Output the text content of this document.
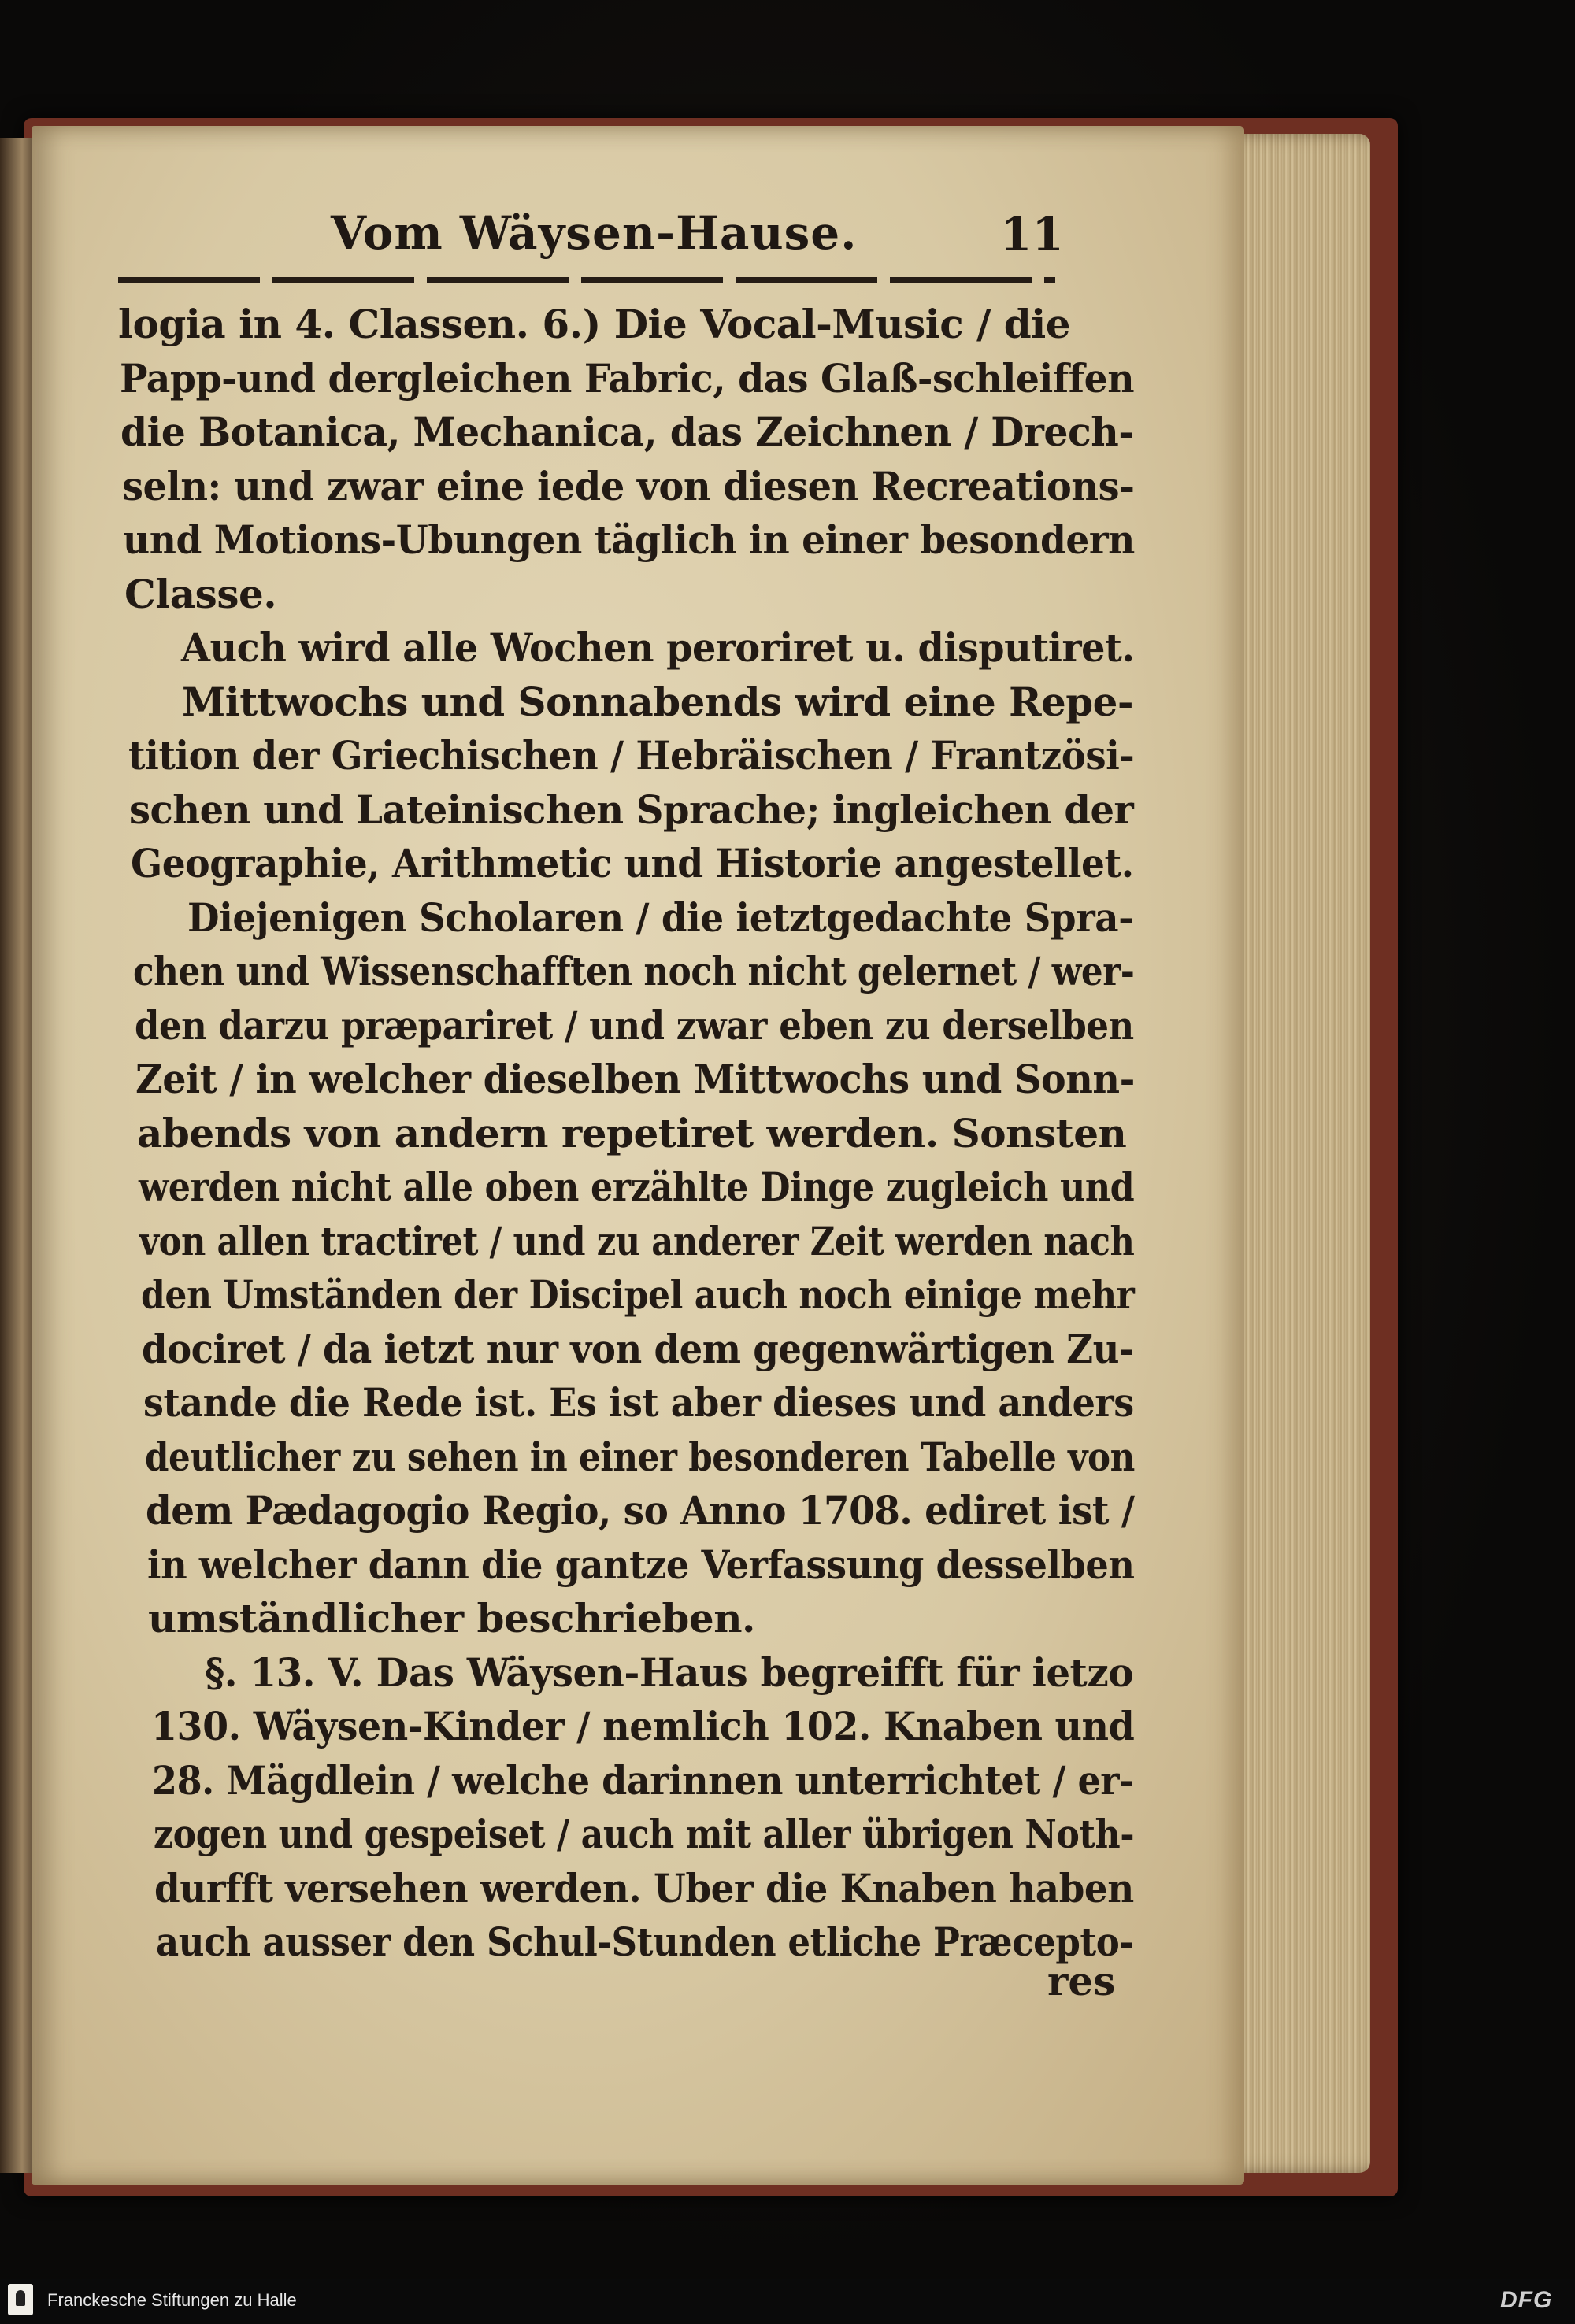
Vom Wäysen-Hause.	11
logia in 4. Classen. 6.) Die Vocal-Music / die
Papp-und dergleichen Fabric, das Glaß-schleiffen
die Botanica, Mechanica, das Zeichnen / Drech-
seln: und zwar eine iede von diesen Recreations-
und Motions-Ubungen täglich in einer besondern
Classe.
Auch wird alle Wochen peroriret u. disputiret.
Mittwochs und Sonnabends wird eine Repe-
tition der Griechischen / Hebräischen / Frantzösi-
schen und Lateinischen Sprache; ingleichen der
Geographie, Arithmetic und Historie angestellet.
Diejenigen Scholaren / die ietztgedachte Spra-
chen und Wissenschafften noch nicht gelernet / wer-
den darzu præpariret / und zwar eben zu derselben
Zeit / in welcher dieselben Mittwochs und Sonn-
abends von andern repetiret werden. Sonsten
werden nicht alle oben erzählte Dinge zugleich und
von allen tractiret / und zu anderer Zeit werden nach
den Umständen der Discipel auch noch einige mehr
dociret / da ietzt nur von dem gegenwärtigen Zu-
stande die Rede ist. Es ist aber dieses und anders
deutlicher zu sehen in einer besonderen Tabelle von
dem Pædagogio Regio, so Anno 1708. ediret ist /
in welcher dann die gantze Verfassung desselben
umständlicher beschrieben.
§. 13. V. Das Wäysen-Haus begreifft für ietzo
130. Wäysen-Kinder / nemlich 102. Knaben und
28. Mägdlein / welche darinnen unterrichtet / er-
zogen und gespeiset / auch mit aller übrigen Noth-
durfft versehen werden. Uber die Knaben haben
auch ausser den Schul-Stunden etliche Præcepto-
res
Franckesche Stiftungen zu Halle	DFG
